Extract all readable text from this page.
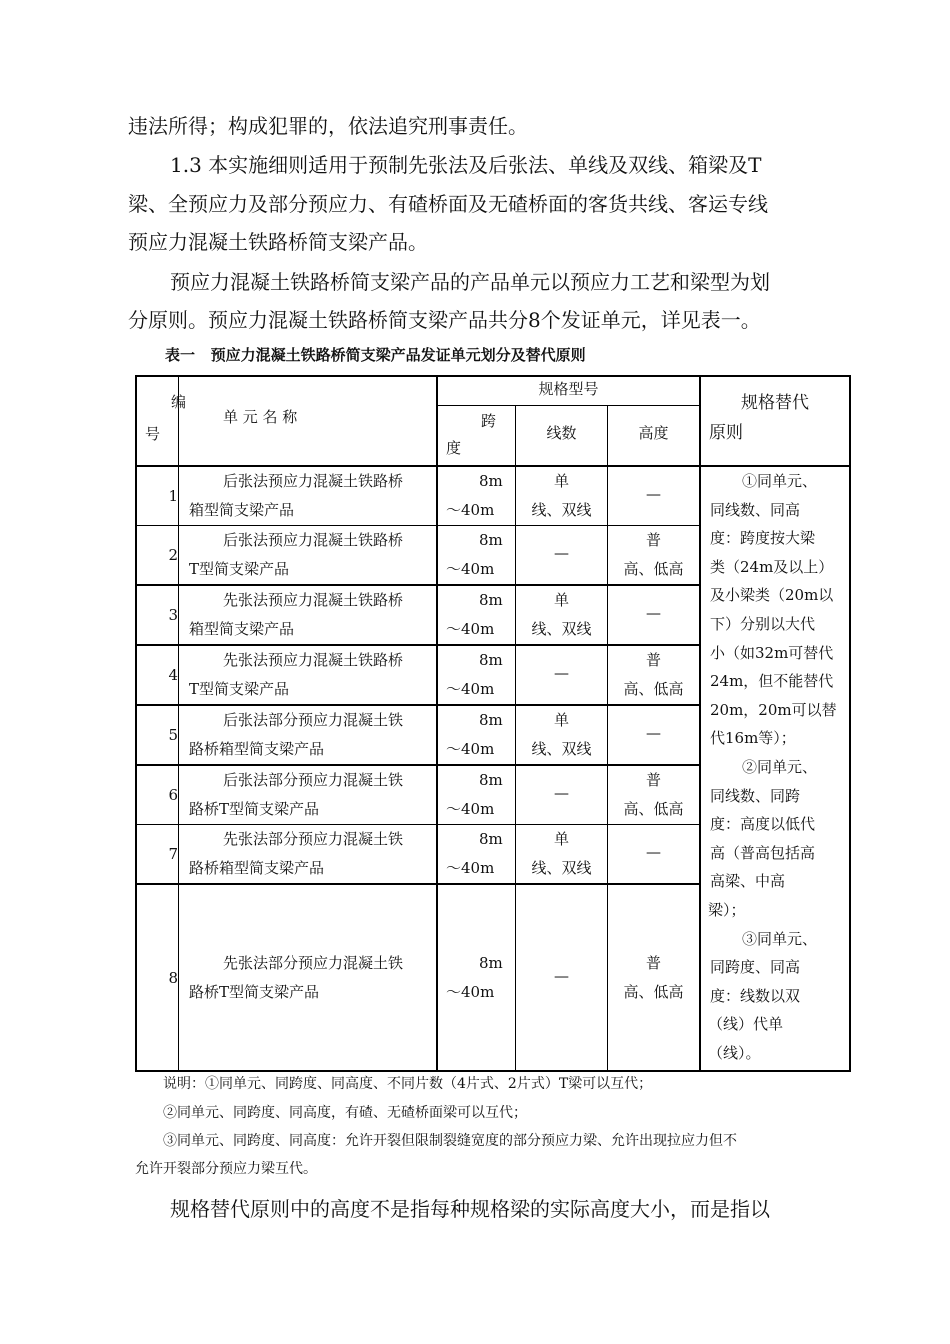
违法所得；构成犯罪的，依法追究刑事责任。
1.3 本实施细则适用于预制先张法及后张法、单线及双线、箱梁及T
梁、全预应力及部分预应力、有碴桥面及无碴桥面的客货共线、客运专线
预应力混凝土铁路桥简支梁产品。
预应力混凝土铁路桥简支梁产品的产品单元以预应力工艺和梁型为划
分原则。预应力混凝土铁路桥简支梁产品共分8个发证单元，详见表一。
表一   预应力混凝土铁路桥简支梁产品发证单元划分及替代原则
编
号
单 元 名 称
规格型号
跨
度
线数	高度
规格替代
原则
1
后张法预应力混凝土铁路桥
箱型简支梁产品
8m
～40m
单
线、双线
—
2
后张法预应力混凝土铁路桥
T型简支梁产品
8m
～40m
—
普
高、低高
3
先张法预应力混凝土铁路桥
箱型简支梁产品
8m
～40m
单
线、双线
—
4
先张法预应力混凝土铁路桥
T型简支梁产品
8m
～40m
—
普
高、低高
5
后张法部分预应力混凝土铁
路桥箱型简支梁产品
8m
～40m
单
线、双线
—
6
后张法部分预应力混凝土铁
路桥T型简支梁产品
8m
～40m
—
普
高、低高
7
先张法部分预应力混凝土铁
路桥箱型简支梁产品
8m
～40m
单
线、双线
—
8
先张法部分预应力混凝土铁
路桥T型简支梁产品
8m
～40m
—
普
高、低高
①同单元、
同线数、同高
度：跨度按大梁
类（24m及以上）
及小梁类（20m以
下）分别以大代
小（如32m可替代
24m，但不能替代
20m，20m可以替
代16m等）；
②同单元、
同线数、同跨
度：高度以低代
高（普高包括高
高梁、中高
梁）；
③同单元、
同跨度、同高
度：线数以双
（线）代单
（线）。
说明：①同单元、同跨度、同高度、不同片数（4片式、2片式）T梁可以互代；
②同单元、同跨度、同高度，有碴、无碴桥面梁可以互代；
③同单元、同跨度、同高度：允许开裂但限制裂缝宽度的部分预应力梁、允许出现拉应力但不
允许开裂部分预应力梁互代。
规格替代原则中的高度不是指每种规格梁的实际高度大小，而是指以
